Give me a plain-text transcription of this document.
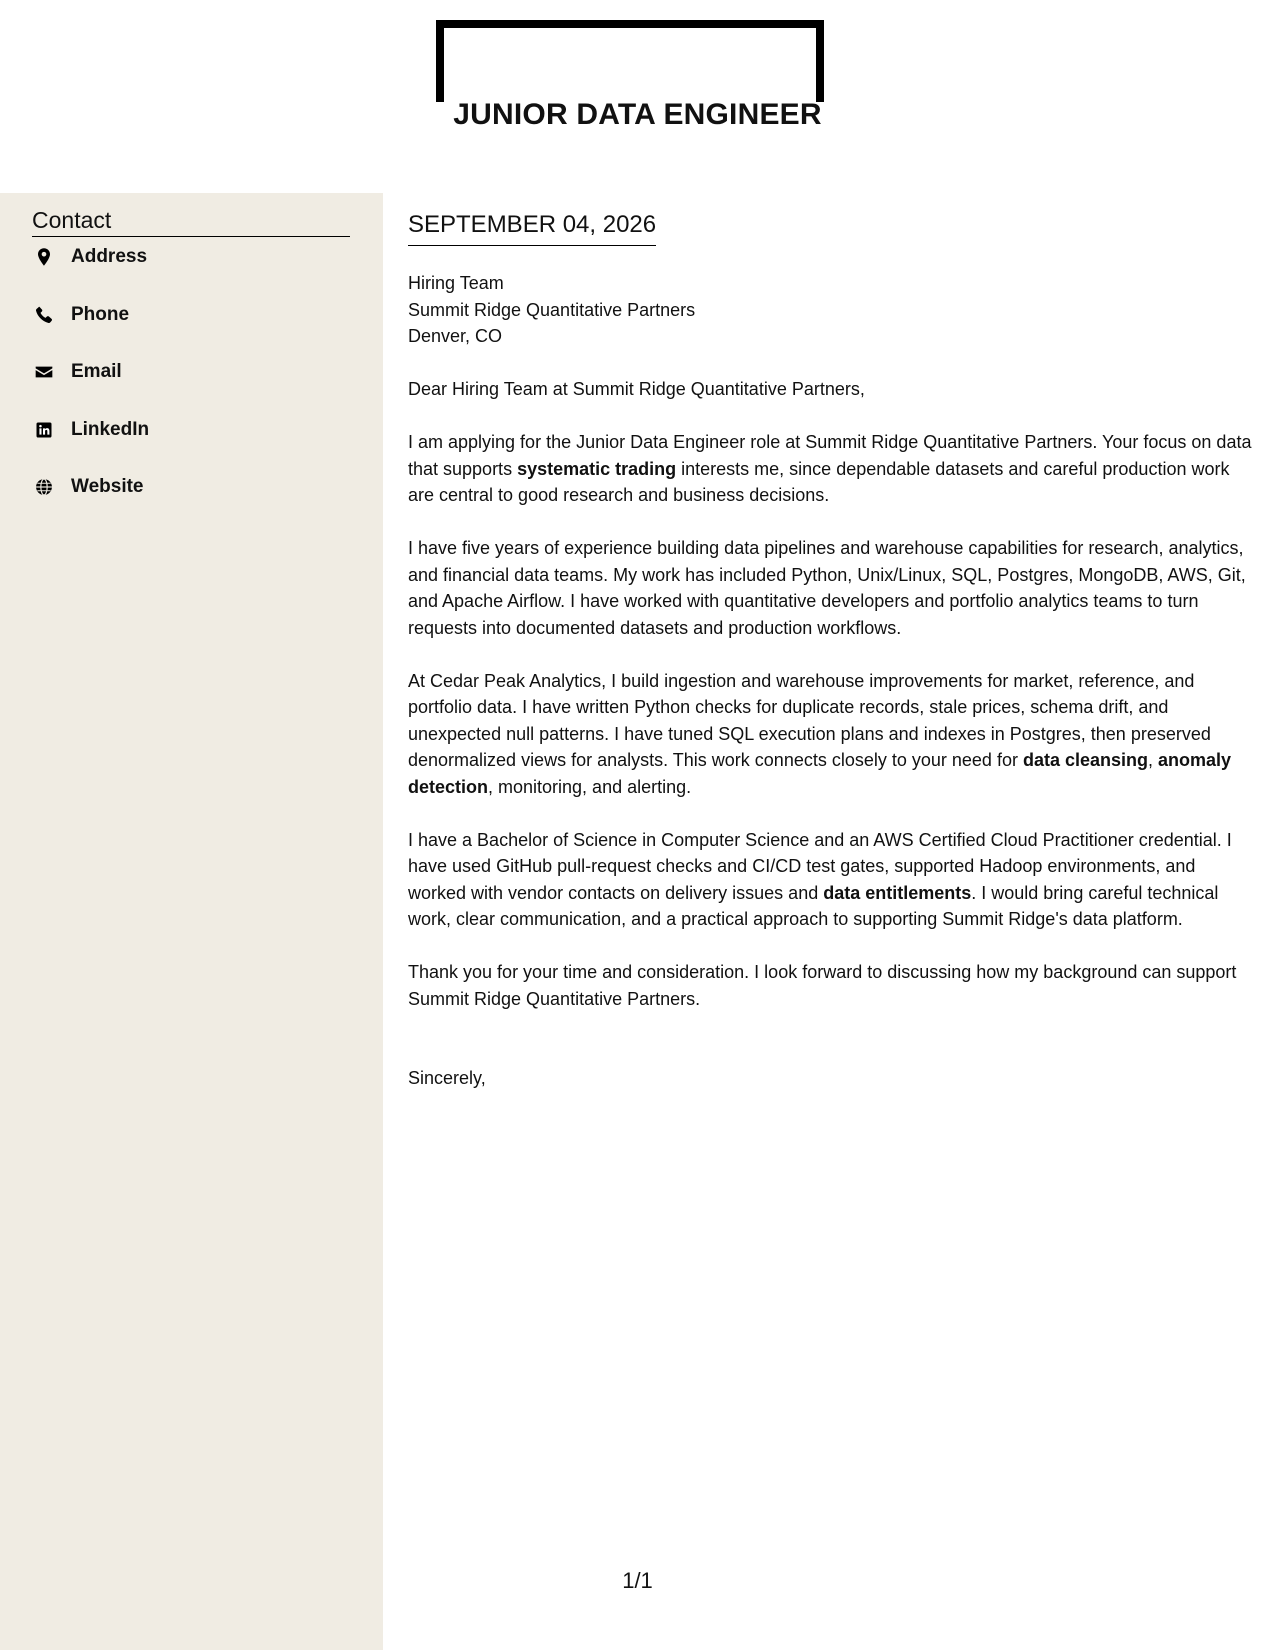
JUNIOR DATA ENGINEER
Contact
Address
Phone
Email
LinkedIn
Website
SEPTEMBER 04, 2026

Hiring Team
Summit Ridge Quantitative Partners
Denver, CO

Dear Hiring Team at Summit Ridge Quantitative Partners,

I am applying for the Junior Data Engineer role at Summit Ridge Quantitative Partners. Your focus on data that supports systematic trading interests me, since dependable datasets and careful production work are central to good research and business decisions.

I have five years of experience building data pipelines and warehouse capabilities for research, analytics, and financial data teams. My work has included Python, Unix/Linux, SQL, Postgres, MongoDB, AWS, Git, and Apache Airflow. I have worked with quantitative developers and portfolio analytics teams to turn requests into documented datasets and production workflows.

At Cedar Peak Analytics, I build ingestion and warehouse improvements for market, reference, and portfolio data. I have written Python checks for duplicate records, stale prices, schema drift, and unexpected null patterns. I have tuned SQL execution plans and indexes in Postgres, then preserved denormalized views for analysts. This work connects closely to your need for data cleansing, anomaly detection, monitoring, and alerting.

I have a Bachelor of Science in Computer Science and an AWS Certified Cloud Practitioner credential. I have used GitHub pull-request checks and CI/CD test gates, supported Hadoop environments, and worked with vendor contacts on delivery issues and data entitlements. I would bring careful technical work, clear communication, and a practical approach to supporting Summit Ridge's data platform.

Thank you for your time and consideration. I look forward to discussing how my background can support Summit Ridge Quantitative Partners.

Sincerely,

1/1
